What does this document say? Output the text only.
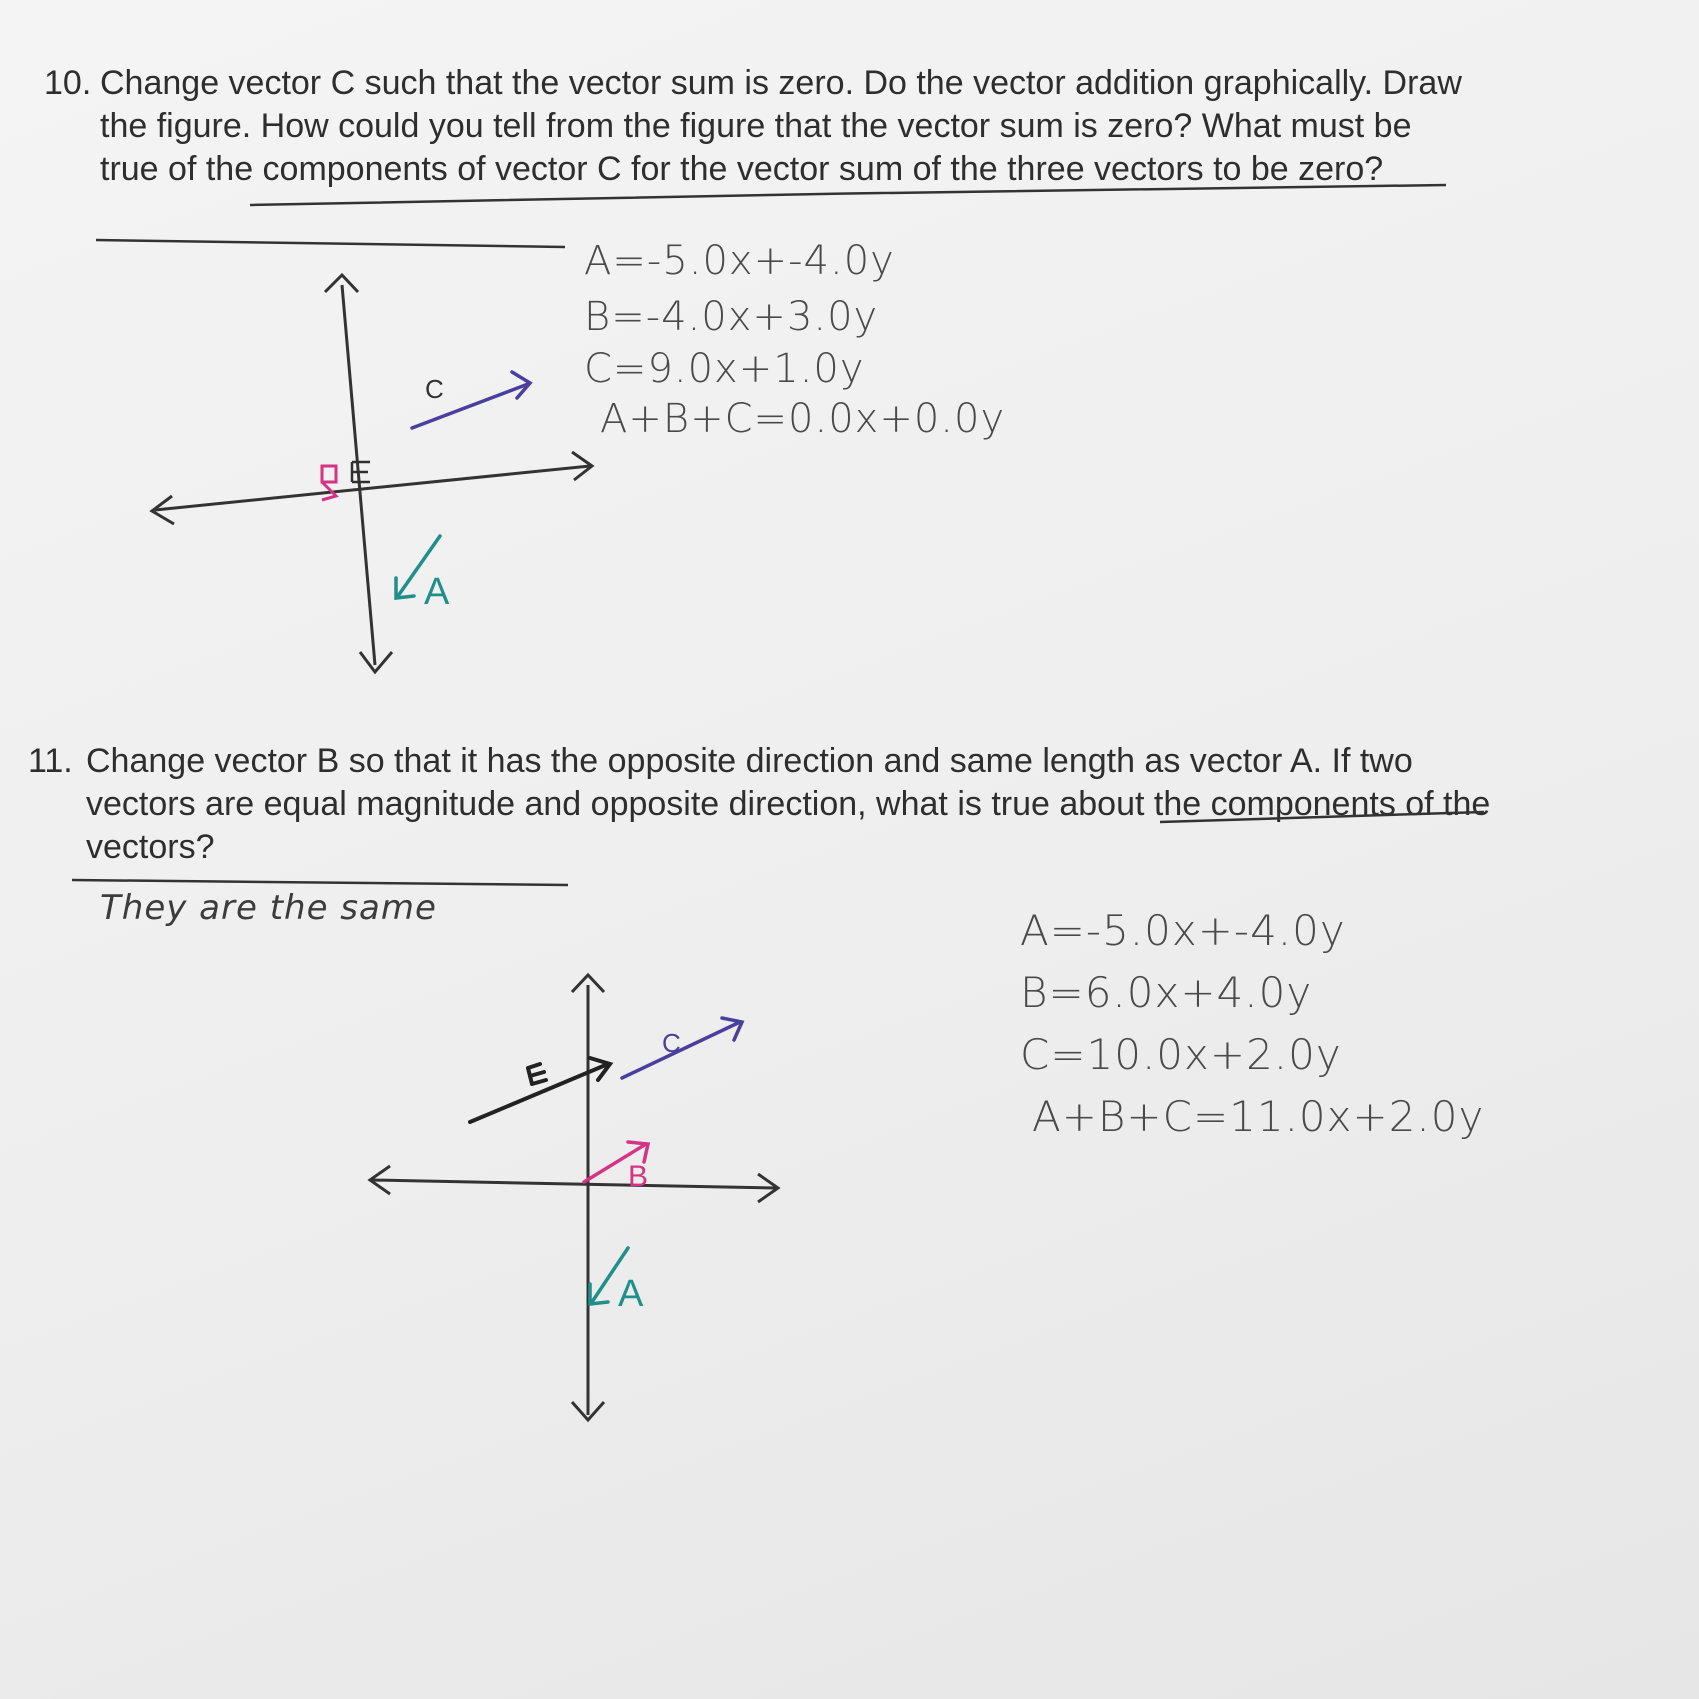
10. Change vector C such that the vector sum is zero. Do the vector addition graphically. Draw the figure. How could you tell from the figure that the vector sum is zero? What must be true of the components of vector C for the vector sum of the three vectors to be zero?
A=-5.0x+-4.0y
B=-4.0x+3.0y
C=9.0x+1.0y
A+B+C=0.0x+0.0y
11. Change vector B so that it has the opposite direction and same length as vector A. If two vectors are equal magnitude and opposite direction, what is true about the components of the vectors?
They are the same	A=-5.0x+-4.0y
B=6.0x+4.0y
C=10.0x+2.0y
A+B+C=11.0x+2.0y
C
A
C
B
A
